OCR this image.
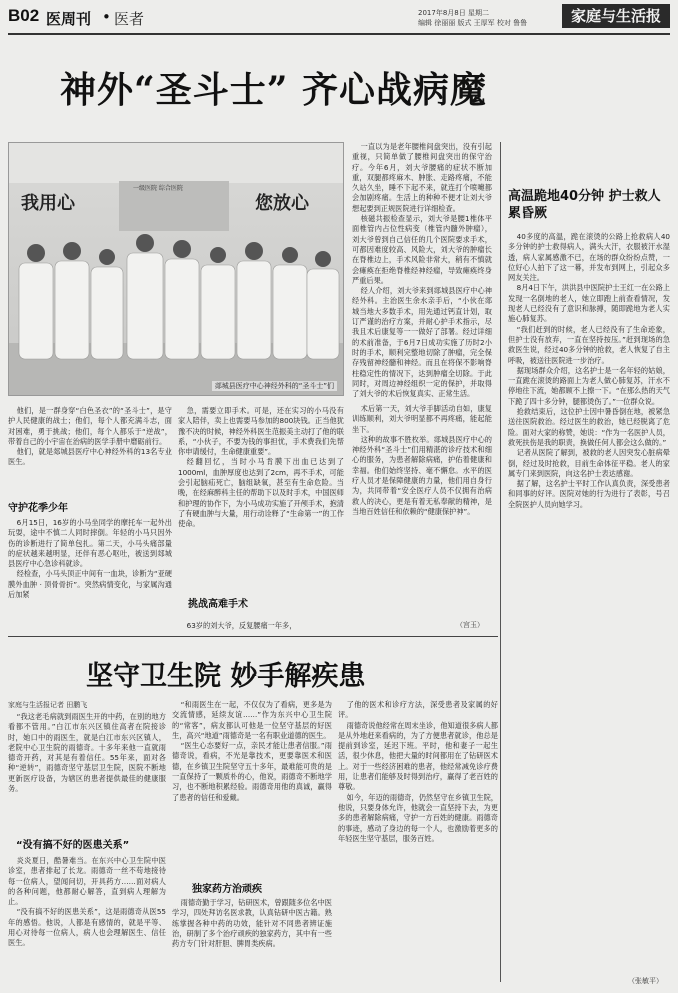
B02 医周刊 • 医者	2017年8月8日 星期二
编辑 徐丽丽 版式 王厚军 校对 鲁鲁	家庭与生活报
神外“圣斗士” 齐心战病魔
我用心	您放心
一级医院 综合医院
郯城县医疗中心神经外科的“圣斗士”们

他们，是一群身穿“白色圣衣”的“圣斗士”，是守护人民健康的战士；他们，每个人都充满斗志，面对困难，勇于挑战；他们，每个人都乐于“逆战”，带着自己的小宇宙在治病的医学手册中磨砺前行。

他们，就是郯城县医疗中心神经外科的13名专业医生。

守护花季少年

6月15日，16岁的小马坐同学的摩托车一起外出玩耍，途中不慎二人同时摔倒。年轻的小马只因外伤的诊断进行了简单包扎。第二天，小马头痛部量的症状越来越明显，还伴有恶心呕吐，被送到郯城县医疗中心急诊科就诊。

经检查，小马头顶正中间有一血块，诊断为“亚硬膜外血肿 · 顶骨骨折”。突然病情变化，与家属沟通后加紧

急，需要立即手术。可是，还在实习的小马没有家人陪伴，卖上也需要马参加的800块钱。正当他犹豫不决的时候，神经外科医生范振美主动打了他的联系，“小伙子，不要为钱的事担忧，手术费我们先帮你申请缓付，生命健康重要”。

经翻回忆，当时小马肯膜下出血已达到了1000ml，血肿厚度也达到了2cm，再不手术，可能会引起脑疝死亡，脑组缺氧，甚至有生命危险。当晚，在经麻醉科主任的帮助下以及时手术，中国医师和护理的协作下，为小马成功实施了开颅手术，抱清了有硬血肿与大量，用行动诠释了“生命第一”的工作使命。

挑战高难手术

63岁的刘大爷，反复腰痛一年多，

一直以为是老年腰椎间盘突出，没有引起重视，只简单做了腰椎间盘突出的保守治疗。今年6月，刘大爷腰痛的症状不断加重，双腿都疼麻木、肿胀、走路疼痛，不能久站久坐，睡不下起不来，就连打个喷嚏都会加剧疼痛。生活上的种种不便才让刘大爷想起要到正规医院进行详细检查。

核磁共振检查显示，刘大爷是腰1椎体平面椎管内占位性病变（椎管内髓外肿瘤），刘大爷曾到自己信任的几个医院要求手术，可都因难度较高、风险大，刘大爷的肿瘤长在脊椎边上，手术风险非常大，稍有不慎就会瘫痪在拒绝脊椎经神经瘤，导致瘫痪终身严重后果。

经人介绍，刘大爷来到郯城县医疗中心神经外科。主治医生余水亲手后，“小伙在郯城当地大多数手术，用先通过钙直计划，取订严谨的治疗方案，并耐心护手术指示，尽我且术后康复等一一做好了部署。经过详细的术前准备，于6月7日成功实施了历时2小时的手术，顺利完整地切除了肿瘤，完全保存残留神经髓和神经。而且在将保不影响脊柱稳定性的情况下，达到肿瘤全切除。于此同时，对周边神经组织一定的保护，并取得了刘大爷的术后恢复真实、正常生活。

术后第一天，刘大爷手脚活动自如，康复训练顺利，刘大爷明显都不再疼痛，能起能坐下。

这种的故事不胜枚举。郯城县医疗中心的神经外科“圣斗士”们用精湛的诊疗技术和细心的服务，为患者解除病痛，护佑着健康和幸福。他们始终坚持、毫不懈怠。水平的医疗人员才是保障健康的力量，他们用自身行为，共同带着“安全医疗人员不仅拥有治病救人的决心，更是有着无私奉献的精神，是当地百姓信任和依赖的“健康保护神”。

（宫玉）
坚守卫生院 妙手解疾患
家庭与生活报记者 田鹏飞

“我这老毛病就到雨医生开的中药，在别的地方看都不管用。”白江市东兴区镇住高者在院接诊时，她口中的雨医生，就是白江市东兴区镇人，老院中心卫生院的雨德奇。十多年来他一直就雨德奇开药，对其是有着信任。55年来，面对各种“逆转”，雨德奇坚守基层卫生院，医院不断地更新医疗设备，为辖区的患者提供最佳的健康服务。

“没有搞不好的医患关系”

炎炎夏日，酷暑难当。在东兴中心卫生院中医诊室，患者排起了长龙。雨德奇一丝不苟地接待每一位病人，望闻问切，开具药方……面对病人的各种问题，他都耐心解答，直到病人理解为止。

“没有搞不好的医患关系”，这是雨德奇从医55年的感悟。他说，人都是有感情的，就是平等、用心对待每一位病人，病人也会理解医生、信任医生。

“和雨医生在一起，不仅仅为了看病，更多是为交流情感，延续友谊……”作为东兴中心卫生院的“常客”，病友都认可他是一位坚守基层的好医生，高兴“地道”雨德奇是一名有职业道德的医生。

“医生心态要好一点，亲民才能让患者信服。”雨德奇说，看病，不光是靠技术，更要靠医术和医德，在乡镇卫生院坚守五十多年，最难能可贵的是一直保持了一颗质朴的心，他说，雨德奇不断地学习，也不断地积累经验。雨德奇用他的真诚，赢得了患者的信任和爱戴。

独家药方治顽疾

雨德奇勤于学习，钻研医术，曾跟随多位名中医学习，四处拜访名医求教，认真钻研中医古籍。熟练掌握各种中药的功效，能针对不同患者辨证施治，研制了多个治疗顽疾的独家药方，其中有一些药方专门针对肝胆、脾胃类疾病。

了他的医术和诊疗方法，深受患者及家属的好评。

雨德奇说他经常在周末坐诊，他知道很多病人都是从外地赶来看病的，为了方便患者就诊，他总是提前到诊室，延迟下班。平时，他和妻子一起生活，很少休息，他把大量的时间都用在了钻研医术上。对于一些经济困难的患者，他经常减免诊疗费用，让患者们能够及时得到治疗，赢得了老百姓的尊敬。

如今，年迈的雨德奇，仍然坚守在乡镇卫生院，他说，只要身体允许，他就会一直坚持下去，为更多的患者解除病痛，守护一方百姓的健康。雨德奇的事迹，感动了身边的每一个人，也激励着更多的年轻医生坚守基层，服务百姓。

高温跪地40分钟 护士救人累昏厥

40多度的高温，跪在滚烫的公路上抢救病人40多分钟的护士救得病人，满头大汗，衣服被汗水湿透，病人家属感激不已，在场的群众纷纷点赞，一位好心人拍下了这一幕，并发布到网上，引起众多网友关注。

8月4日下午，洪洪县中医院护士王红一在公路上发现一名倒地的老人，她立即跑上前查看情况，发现老人已经没有了意识和脉搏，随即跪地为老人实施心肺复苏。

“我们赶到的时候，老人已经没有了生命迹象，但护士没有放弃，一直在坚持按压。”赶到现场的急救医生说，经过40多分钟的抢救，老人恢复了自主呼吸，被送往医院进一步治疗。

据现场群众介绍，这名护士是一名年轻的姑娘，一直跪在滚烫的路面上为老人做心肺复苏，汗水不停地往下流，她都顾不上擦一下。“在那么热的天气下跪了四十多分钟，腿都烫伤了。”一位群众说。

抢救结束后，这位护士因中暑昏倒在地，被紧急送往医院救治。经过医生的救治，她已经脱离了危险。面对大家的称赞，她说：“作为一名医护人员，救死扶伤是我的职责，换做任何人都会这么做的。”

记者从医院了解到，被救的老人因突发心脏病晕倒，经过及时抢救，目前生命体征平稳。老人的家属专门来到医院，向这名护士表达感谢。

据了解，这名护士平时工作认真负责，深受患者和同事的好评。医院对她的行为进行了表彰，号召全院医护人员向她学习。

（张敏平）
